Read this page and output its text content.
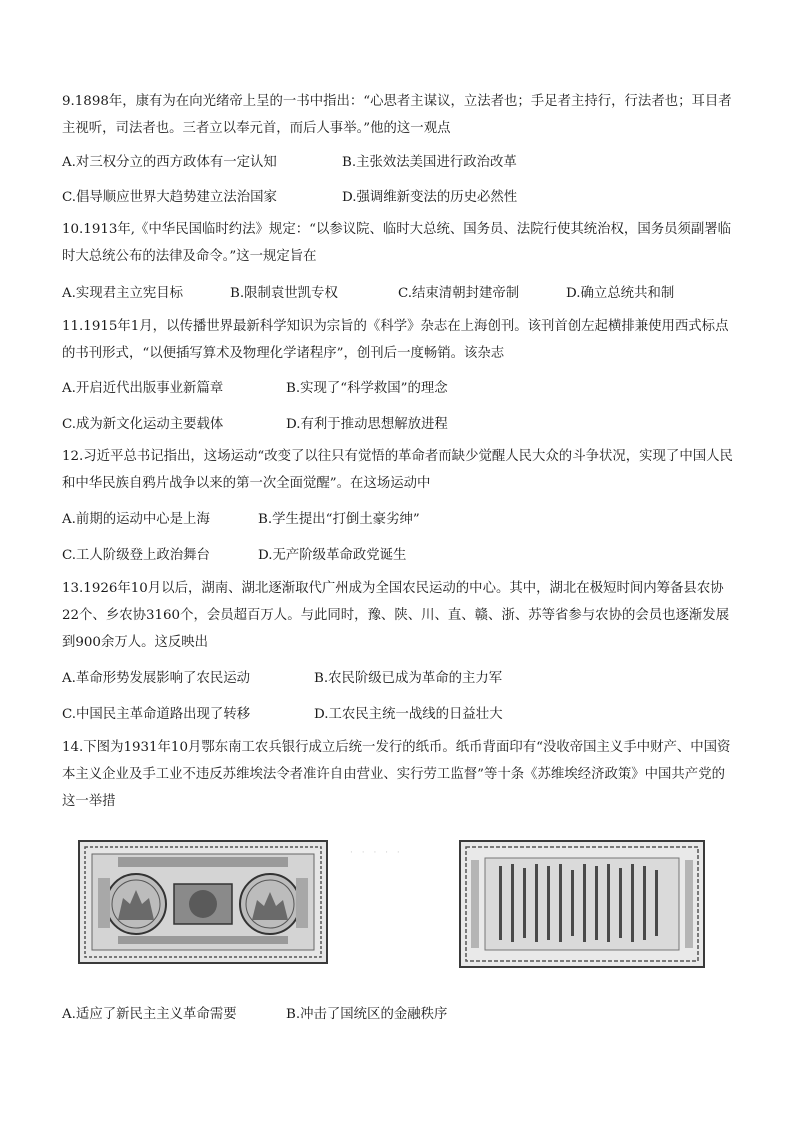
9.1898年，康有为在向光绪帝上呈的一书中指出：“心思者主谋议，立法者也；手足者主持行，行法者也；耳目者主视听，司法者也。三者立以奉元首，而后人事举。”他的这一观点
A.对三权分立的西方政体有一定认知	B.主张效法美国进行政治改革
C.倡导顺应世界大趋势建立法治国家	D.强调维新变法的历史必然性
10.1913年,《中华民国临时约法》规定：“以参议院、临时大总统、国务员、法院行使其统治权，国务员须副署临时大总统公布的法律及命令。”这一规定旨在
A.实现君主立宪目标	B.限制袁世凯专权	C.结束清朝封建帝制	D.确立总统共和制
11.1915年1月，以传播世界最新科学知识为宗旨的《科学》杂志在上海创刊。该刊首创左起横排兼使用西式标点的书刊形式，“以便插写算术及物理化学诸程序”，创刊后一度畅销。该杂志
A.开启近代出版事业新篇章	B.实现了“科学救国”的理念
C.成为新文化运动主要载体	D.有利于推动思想解放进程
12.习近平总书记指出，这场运动“改变了以往只有觉悟的革命者而缺少觉醒人民大众的斗争状况，实现了中国人民和中华民族自鸦片战争以来的第一次全面觉醒”。在这场运动中
A.前期的运动中心是上海	B.学生提出“打倒土豪劣绅”
C.工人阶级登上政治舞台	D.无产阶级革命政党诞生
13.1926年10月以后，湖南、湖北逐渐取代广州成为全国农民运动的中心。其中，湖北在极短时间内筹备县农协22个、乡农协3160个，会员超百万人。与此同时，豫、陕、川、直、赣、浙、苏等省参与农协的会员也逐渐发展到900余万人。这反映出
A.革命形势发展影响了农民运动	B.农民阶级已成为革命的主力军
C.中国民主革命道路出现了转移	D.工农民主统一战线的日益壮大
14.下图为1931年10月鄂东南工农兵银行成立后统一发行的纸币。纸币背面印有“没收帝国主义手中财产、中国资本主义企业及手工业不违反苏维埃法令者准许自由营业、实行劳工监督”等十条《苏维埃经济政策》中国共产党的这一举措
· · · · ·
A.适应了新民主主义革命需要	B.冲击了国统区的金融秩序
